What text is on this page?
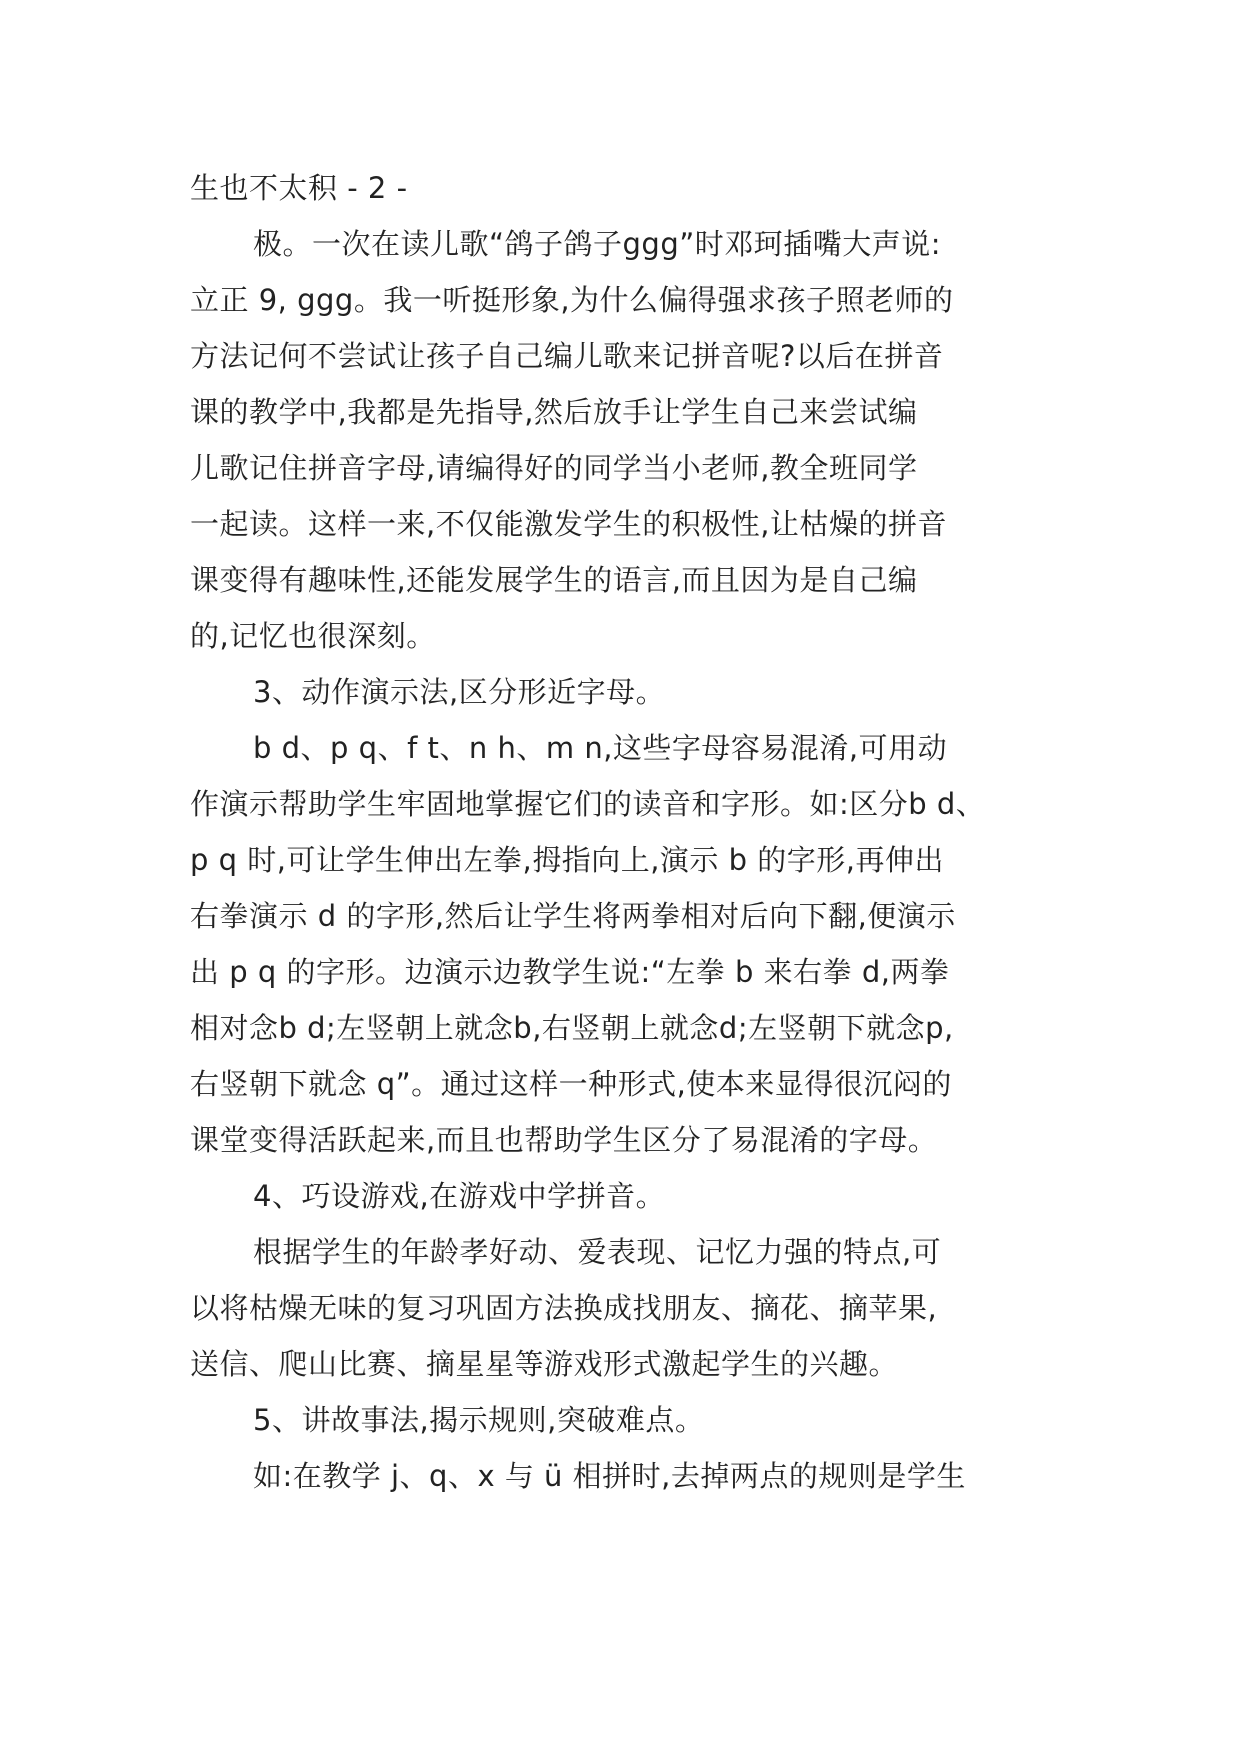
生也不太积 - 2 -
极。一次在读儿歌“鸽子鸽子ggg”时邓珂插嘴大声说:
立正 9, ggg。我一听挺形象,为什么偏得强求孩子照老师的
方法记何不尝试让孩子自己编儿歌来记拼音呢?以后在拼音
课的教学中,我都是先指导,然后放手让学生自己来尝试编
儿歌记住拼音字母,请编得好的同学当小老师,教全班同学
一起读。这样一来,不仅能激发学生的积极性,让枯燥的拼音
课变得有趣味性,还能发展学生的语言,而且因为是自己编
的,记忆也很深刻。
3、动作演示法,区分形近字母。
b d、p q、f t、n h、m n,这些字母容易混淆,可用动
作演示帮助学生牢固地掌握它们的读音和字形。如:区分b d、
p q 时,可让学生伸出左拳,拇指向上,演示 b 的字形,再伸出
右拳演示 d 的字形,然后让学生将两拳相对后向下翻,便演示
出 p q 的字形。边演示边教学生说:“左拳 b 来右拳 d,两拳
相对念b d;左竖朝上就念b,右竖朝上就念d;左竖朝下就念p,
右竖朝下就念 q”。通过这样一种形式,使本来显得很沉闷的
课堂变得活跃起来,而且也帮助学生区分了易混淆的字母。
4、巧设游戏,在游戏中学拼音。
根据学生的年龄孝好动、爱表现、记忆力强的特点,可
以将枯燥无味的复习巩固方法换成找朋友、摘花、摘苹果,
送信、爬山比赛、摘星星等游戏形式激起学生的兴趣。
5、讲故事法,揭示规则,突破难点。
如:在教学 j、q、x 与 ü 相拼时,去掉两点的规则是学生
